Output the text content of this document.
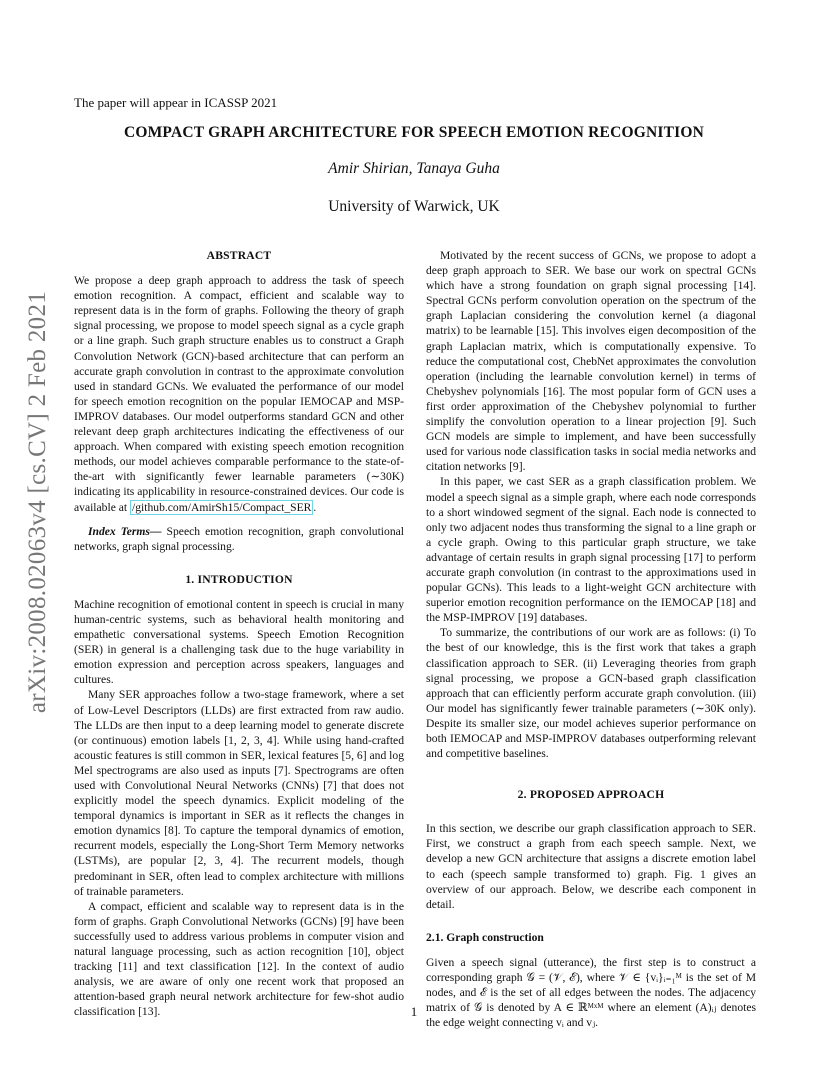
arXiv:2008.02063v4 [cs.CV] 2 Feb 2021
The paper will appear in ICASSP 2021
COMPACT GRAPH ARCHITECTURE FOR SPEECH EMOTION RECOGNITION
Amir Shirian, Tanaya Guha
University of Warwick, UK
ABSTRACT

We propose a deep graph approach to address the task of speech emotion recognition. A compact, efficient and scalable way to represent data is in the form of graphs. Following the theory of graph signal processing, we propose to model speech signal as a cycle graph or a line graph. Such graph structure enables us to construct a Graph Convolution Network (GCN)-based architecture that can perform an accurate graph convolution in contrast to the approximate convolution used in standard GCNs. We evaluated the performance of our model for speech emotion recognition on the popular IEMOCAP and MSP-IMPROV databases. Our model outperforms standard GCN and other relevant deep graph architectures indicating the effectiveness of our approach. When compared with existing speech emotion recognition methods, our model achieves comparable performance to the state-of-the-art with significantly fewer learnable parameters (∼30K) indicating its applicability in resource-constrained devices. Our code is available at /github.com/AmirSh15/Compact_SER .

Index Terms— Speech emotion recognition, graph convolutional networks, graph signal processing.

1. INTRODUCTION

Machine recognition of emotional content in speech is crucial in many human-centric systems, such as behavioral health monitoring and empathetic conversational systems. Speech Emotion Recognition (SER) in general is a challenging task due to the huge variability in emotion expression and perception across speakers, languages and cultures.

Many SER approaches follow a two-stage framework, where a set of Low-Level Descriptors (LLDs) are first extracted from raw audio. The LLDs are then input to a deep learning model to generate discrete (or continuous) emotion labels [1, 2, 3, 4]. While using hand-crafted acoustic features is still common in SER, lexical features [5, 6] and log Mel spectrograms are also used as inputs [7]. Spectrograms are often used with Convolutional Neural Networks (CNNs) [7] that does not explicitly model the speech dynamics. Explicit modeling of the temporal dynamics is important in SER as it reflects the changes in emotion dynamics [8]. To capture the temporal dynamics of emotion, recurrent models, especially the Long-Short Term Memory networks (LSTMs), are popular [2, 3, 4]. The recurrent models, though predominant in SER, often lead to complex architecture with millions of trainable parameters.

A compact, efficient and scalable way to represent data is in the form of graphs. Graph Convolutional Networks (GCNs) [9] have been successfully used to address various problems in computer vision and natural language processing, such as action recognition [10], object tracking [11] and text classification [12]. In the context of audio analysis, we are aware of only one recent work that proposed an attention-based graph neural network architecture for few-shot audio classification [13].

Motivated by the recent success of GCNs, we propose to adopt a deep graph approach to SER. We base our work on spectral GCNs which have a strong foundation on graph signal processing [14]. Spectral GCNs perform convolution operation on the spectrum of the graph Laplacian considering the convolution kernel (a diagonal matrix) to be learnable [15]. This involves eigen decomposition of the graph Laplacian matrix, which is computationally expensive. To reduce the computational cost, ChebNet approximates the convolution operation (including the learnable convolution kernel) in terms of Chebyshev polynomials [16]. The most popular form of GCN uses a first order approximation of the Chebyshev polynomial to further simplify the convolution operation to a linear projection [9]. Such GCN models are simple to implement, and have been successfully used for various node classification tasks in social media networks and citation networks [9].

In this paper, we cast SER as a graph classification problem. We model a speech signal as a simple graph, where each node corresponds to a short windowed segment of the signal. Each node is connected to only two adjacent nodes thus transforming the signal to a line graph or a cycle graph. Owing to this particular graph structure, we take advantage of certain results in graph signal processing [17] to perform accurate graph convolution (in contrast to the approximations used in popular GCNs). This leads to a light-weight GCN architecture with superior emotion recognition performance on the IEMOCAP [18] and the MSP-IMPROV [19] databases.

To summarize, the contributions of our work are as follows: (i) To the best of our knowledge, this is the first work that takes a graph classification approach to SER. (ii) Leveraging theories from graph signal processing, we propose a GCN-based graph classification approach that can efficiently perform accurate graph convolution. (iii) Our model has significantly fewer trainable parameters (∼30K only). Despite its smaller size, our model achieves superior performance on both IEMOCAP and MSP-IMPROV databases outperforming relevant and competitive baselines.

2. PROPOSED APPROACH

In this section, we describe our graph classification approach to SER. First, we construct a graph from each speech sample. Next, we develop a new GCN architecture that assigns a discrete emotion label to each (speech sample transformed to) graph. Fig. 1 gives an overview of our approach. Below, we describe each component in detail.

2.1. Graph construction

Given a speech signal (utterance), the first step is to construct a corresponding graph 𝒢 = (𝒱, ℰ), where 𝒱 ∈ {vᵢ}ᵢ₌₁ᴹ is the set of M nodes, and ℰ is the set of all edges between the nodes. The adjacency matrix of 𝒢 is denoted by A ∈ ℝᴹˣᴹ where an element (A)ᵢⱼ denotes the edge weight connecting vᵢ and vⱼ.

1
